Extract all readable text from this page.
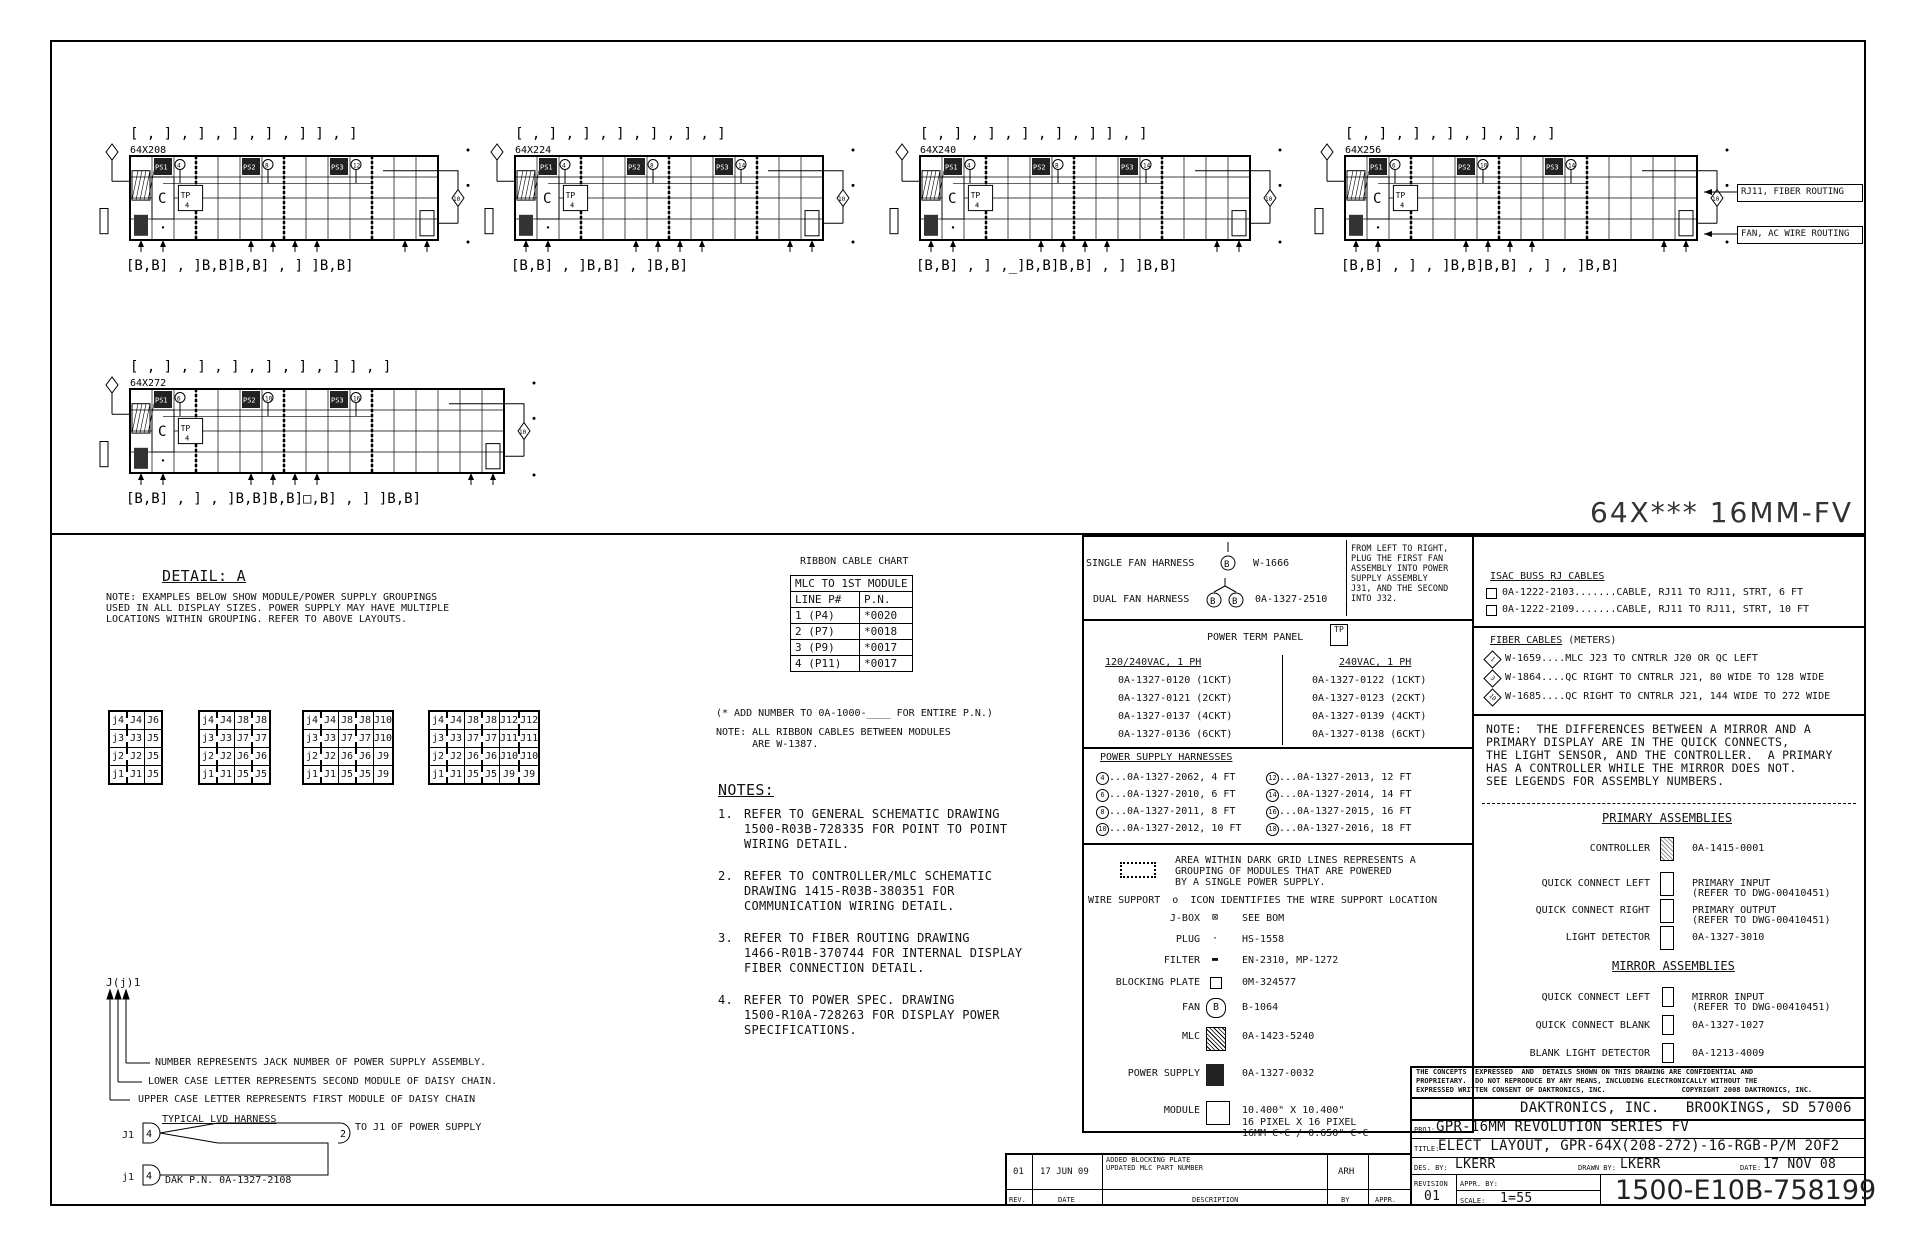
[ , ] , ] , ] , ] , ] ] , ]
64X208
C TP
4
PS1 4	PS2 8	PS3 12
10
[B,B] , ]B,B]B,B] , ] ]B,B]
[ , ] , ] , ] , ] , ] , ]
64X224
C TP
4
PS1 4	PS2 8	PS3 14
10
[B,B] , ]B,B] , ]B,B]
[ , ] , ] , ] , ] , ] ] , ]
64X240
C TP
4
PS1 4	PS2 8	PS3 14
10
[B,B] , ] ,_]B,B]B,B] , ] ]B,B]
[ , ] , ] , ] , ] , ] , ]
64X256
C TP
4
PS1 6	PS2 10	PS3 14
10
[B,B] , ] , ]B,B]B,B] , ] , ]B,B]
[ , ] , ] , ] , ] , ] , ] ] , ]
64X272
C TP
4
PS1 6	PS2 10	PS3 16
10
[B,B] , ] , ]B,B]B,B]□,B] , ] ]B,B]	64X*** 16MM-FV
DETAIL: A
NOTE: EXAMPLES BELOW SHOW MODULE/POWER SUPPLY GROUPINGS
USED IN ALL DISPLAY SIZES. POWER SUPPLY MAY HAVE MULTIPLE
LOCATIONS WITHIN GROUPING. REFER TO ABOVE LAYOUTS.
j4	J4	J6
j3	J3	J5
j2	J2	J5
j1	J1	J5
j4	J4	J8	J8
j3	J3	J7	J7
j2	J2	J6	J6
j1	J1	J5	J5
j4	J4	J8	J8	J10
j3	J3	J7	J7	J10
j2	J2	J6	J6	J9
j1	J1	J5	J5	J9
j4	J4	J8	J8	J12	J12
j3	J3	J7	J7	J11	J11
j2	J2	J6	J6	J10	J10
j1	J1	J5	J5	J9	J9
J(j)1
NUMBER REPRESENTS JACK NUMBER OF POWER SUPPLY ASSEMBLY.
LOWER CASE LETTER REPRESENTS SECOND MODULE OF DAISY CHAIN.
UPPER CASE LETTER REPRESENTS FIRST MODULE OF DAISY CHAIN
TYPICAL LVD HARNESS
4
4
2
J1
j1
TO J1 OF POWER SUPPLY
DAK P.N. 0A-1327-2108
RIBBON CABLE CHART
MLC TO 1ST MODULE	
LINE P#	P.N.
1 (P4)	*0020
2 (P7)	*0018
3 (P9)	*0017
4 (P11)	*0017
(* ADD NUMBER TO 0A-1000-____ FOR ENTIRE P.N.)
NOTE: ALL RIBBON CABLES BETWEEN MODULES
ARE W-1387.
NOTES:
1. REFER TO GENERAL SCHEMATIC DRAWING
1500-R03B-728335 FOR POINT TO POINT
WIRING DETAIL.
2. REFER TO CONTROLLER/MLC SCHEMATIC
DRAWING 1415-R03B-380351 FOR
COMMUNICATION WIRING DETAIL.
3. REFER TO FIBER ROUTING DRAWING
1466-R01B-370744 FOR INTERNAL DISPLAY
FIBER CONNECTION DETAIL.
4. REFER TO POWER SPEC. DRAWING
1500-R10A-728263 FOR DISPLAY POWER
SPECIFICATIONS.
SINGLE FAN HARNESS	W-1666
DUAL FAN HARNESS	0A-1327-2510
B
B B
FROM LEFT TO RIGHT,
PLUG THE FIRST FAN
ASSEMBLY INTO POWER
SUPPLY ASSEMBLY
J31, AND THE SECOND
INTO J32.
POWER TERM PANEL
TP
120/240VAC, 1 PH	240VAC, 1 PH
0A-1327-0120 (1CKT)
0A-1327-0121 (2CKT)
0A-1327-0137 (4CKT)
0A-1327-0136 (6CKT)
0A-1327-0122 (1CKT)
0A-1327-0123 (2CKT)
0A-1327-0139 (4CKT)
0A-1327-0138 (6CKT)
POWER SUPPLY HARNESSES
4 ...0A-1327-2062, 4 FT
6 ...0A-1327-2010, 6 FT
8 ...0A-1327-2011, 8 FT
10 ...0A-1327-2012, 10 FT
12 ...0A-1327-2013, 12 FT
14 ...0A-1327-2014, 14 FT
16 ...0A-1327-2015, 16 FT
18 ...0A-1327-2016, 18 FT
AREA WITHIN DARK GRID LINES REPRESENTS A
GROUPING OF MODULES THAT ARE POWERED
BY A SINGLE POWER SUPPLY.
WIRE SUPPORT  ο  ICON IDENTIFIES THE WIRE SUPPORT LOCATION
J-BOX	⊠	SEE BOM
PLUG	·	HS-1558
FILTER	▬	EN-2310, MP-1272
BLOCKING PLATE	0M-324577
FAN	B	B-1064
MLC	0A-1423-5240
POWER SUPPLY	0A-1327-0032
MODULE	10.400" X 10.400"
16 PIXEL X 16 PIXEL
16MM C-C / 0.650" C-C
ISAC BUSS RJ CABLES
0A-1222-2103.......CABLE, RJ11 TO RJ11, STRT, 6 FT
0A-1222-2109.......CABLE, RJ11 TO RJ11, STRT, 10 FT
FIBER CABLES (METERS)
1 W-1659....MLC J23 TO CNTRLR J20 OR QC LEFT
3 W-1864....QC RIGHT TO CNTRLR J21, 80 WIDE TO 128 WIDE
10 W-1685....QC RIGHT TO CNTRLR J21, 144 WIDE TO 272 WIDE
NOTE:  THE DIFFERENCES BETWEEN A MIRROR AND A
PRIMARY DISPLAY ARE IN THE QUICK CONNECTS,
THE LIGHT SENSOR, AND THE CONTROLLER.  A PRIMARY
HAS A CONTROLLER WHILE THE MIRROR DOES NOT.
SEE LEGENDS FOR ASSEMBLY NUMBERS.
PRIMARY ASSEMBLIES
CONTROLLER	0A-1415-0001
QUICK CONNECT LEFT	PRIMARY INPUT
(REFER TO DWG-00410451)
QUICK CONNECT RIGHT	PRIMARY OUTPUT
(REFER TO DWG-00410451)
LIGHT DETECTOR	0A-1327-3010
MIRROR ASSEMBLIES
QUICK CONNECT LEFT	MIRROR INPUT
(REFER TO DWG-00410451)
QUICK CONNECT BLANK	0A-1327-1027
BLANK LIGHT DETECTOR	0A-1213-4009
THE CONCEPTS  EXPRESSED  AND  DETAILS SHOWN ON THIS DRAWING ARE CONFIDENTIAL AND
PROPRIETARY.  DO NOT REPRODUCE BY ANY MEANS, INCLUDING ELECTRONICALLY WITHOUT THE
EXPRESSED WRITTEN CONSENT OF DAKTRONICS, INC.                  COPYRIGHT 2008 DAKTRONICS, INC.
DAKTRONICS, INC.   BROOKINGS, SD 57006
PROJ: GPR-16MM REVOLUTION SERIES FV
TITLE:
ELECT LAYOUT, GPR-64X(208-272)-16-RGB-P/M 2OF2
DES. BY: LKERR	DRAWN BY: LKERR	DATE: 17 NOV 08
REVISION
01
APPR. BY:
SCALE: 1=55	1500-E10B-758199
01 17 JUN 09
ADDED BLOCKING PLATE
UPDATED MLC PART NUMBER	ARH
REV.	DATE	DESCRIPTION	BY	APPR.
RJ11, FIBER ROUTING
FAN, AC WIRE ROUTING
